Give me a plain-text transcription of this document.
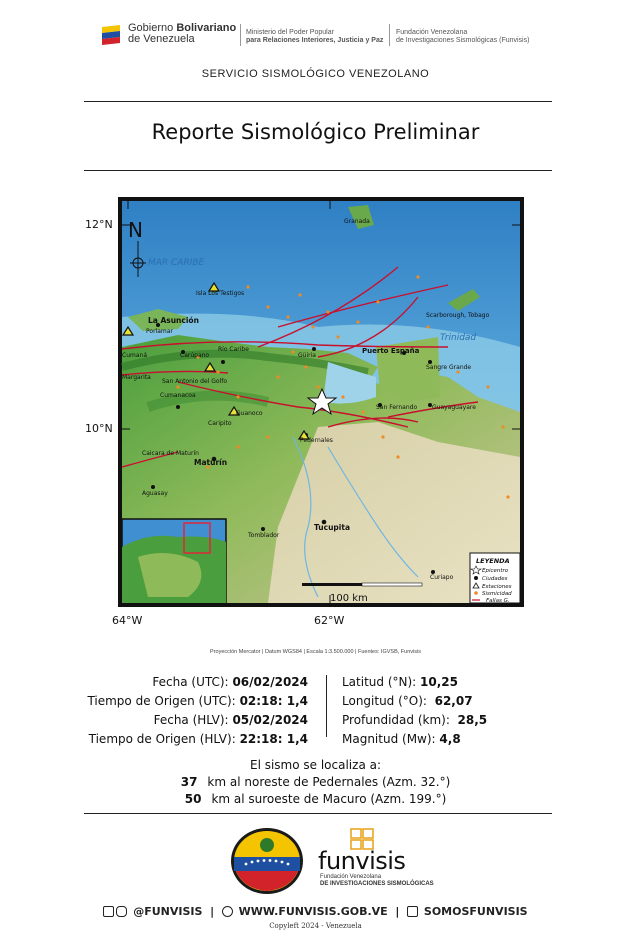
Gobierno Bolivariano
de Venezuela
Ministerio del Poder Popular
para Relaciones Interiores, Justicia y Paz
Fundación Venezolana
de Investigaciones Sismológicas (Funvisis)
SERVICIO SISMOLÓGICO VENEZOLANO
Reporte Sismológico Preliminar
N
MAR CARIBE
Trinidad
Granada
Isla Los Testigos
La Asunción
Porlamar
Scarborough, Tobago
Puerto España
Carúpano
Río Caribe
Cumaná	Güiria
Sangre Grande
San Fernando Guayaguayare
Pedernales
Guanoco
Caripito
Cumanacoa
San Antonio del Golfo
Maturín
Caicara de Maturín
Aguasay
Tucupita
Tomblador
Curiapo
Margarita
100 km
LEYENDA
Epicentro
Ciudades
Estaciones
Sismicidad
Fallas G.
12°N
10°N
64°W	62°W
Proyección Mercator | Datum WGS84 | Escala 1:3.500.000 | Fuentes: IGVSB, Funvisis
Fecha (UTC): 06/02/2024
Tiempo de Origen (UTC): 02:18: 1,4
Fecha (HLV): 05/02/2024
Tiempo de Origen (HLV): 22:18: 1,4
Latitud (°N): 10,25
Longitud (°O): 62,07
Profundidad (km): 28,5
Magnitud (Mw): 4,8
El sismo se localiza a:
37 km al noreste de Pedernales (Azm. 32.°)
50 km al suroeste de Macuro (Azm. 199.°)
funvisis
Fundación Venezolana
DE INVESTIGACIONES SISMOLÓGICAS
@FUNVISIS | WWW.FUNVISIS.GOB.VE | SOMOSFUNVISIS
Copyleft 2024 - Venezuela
